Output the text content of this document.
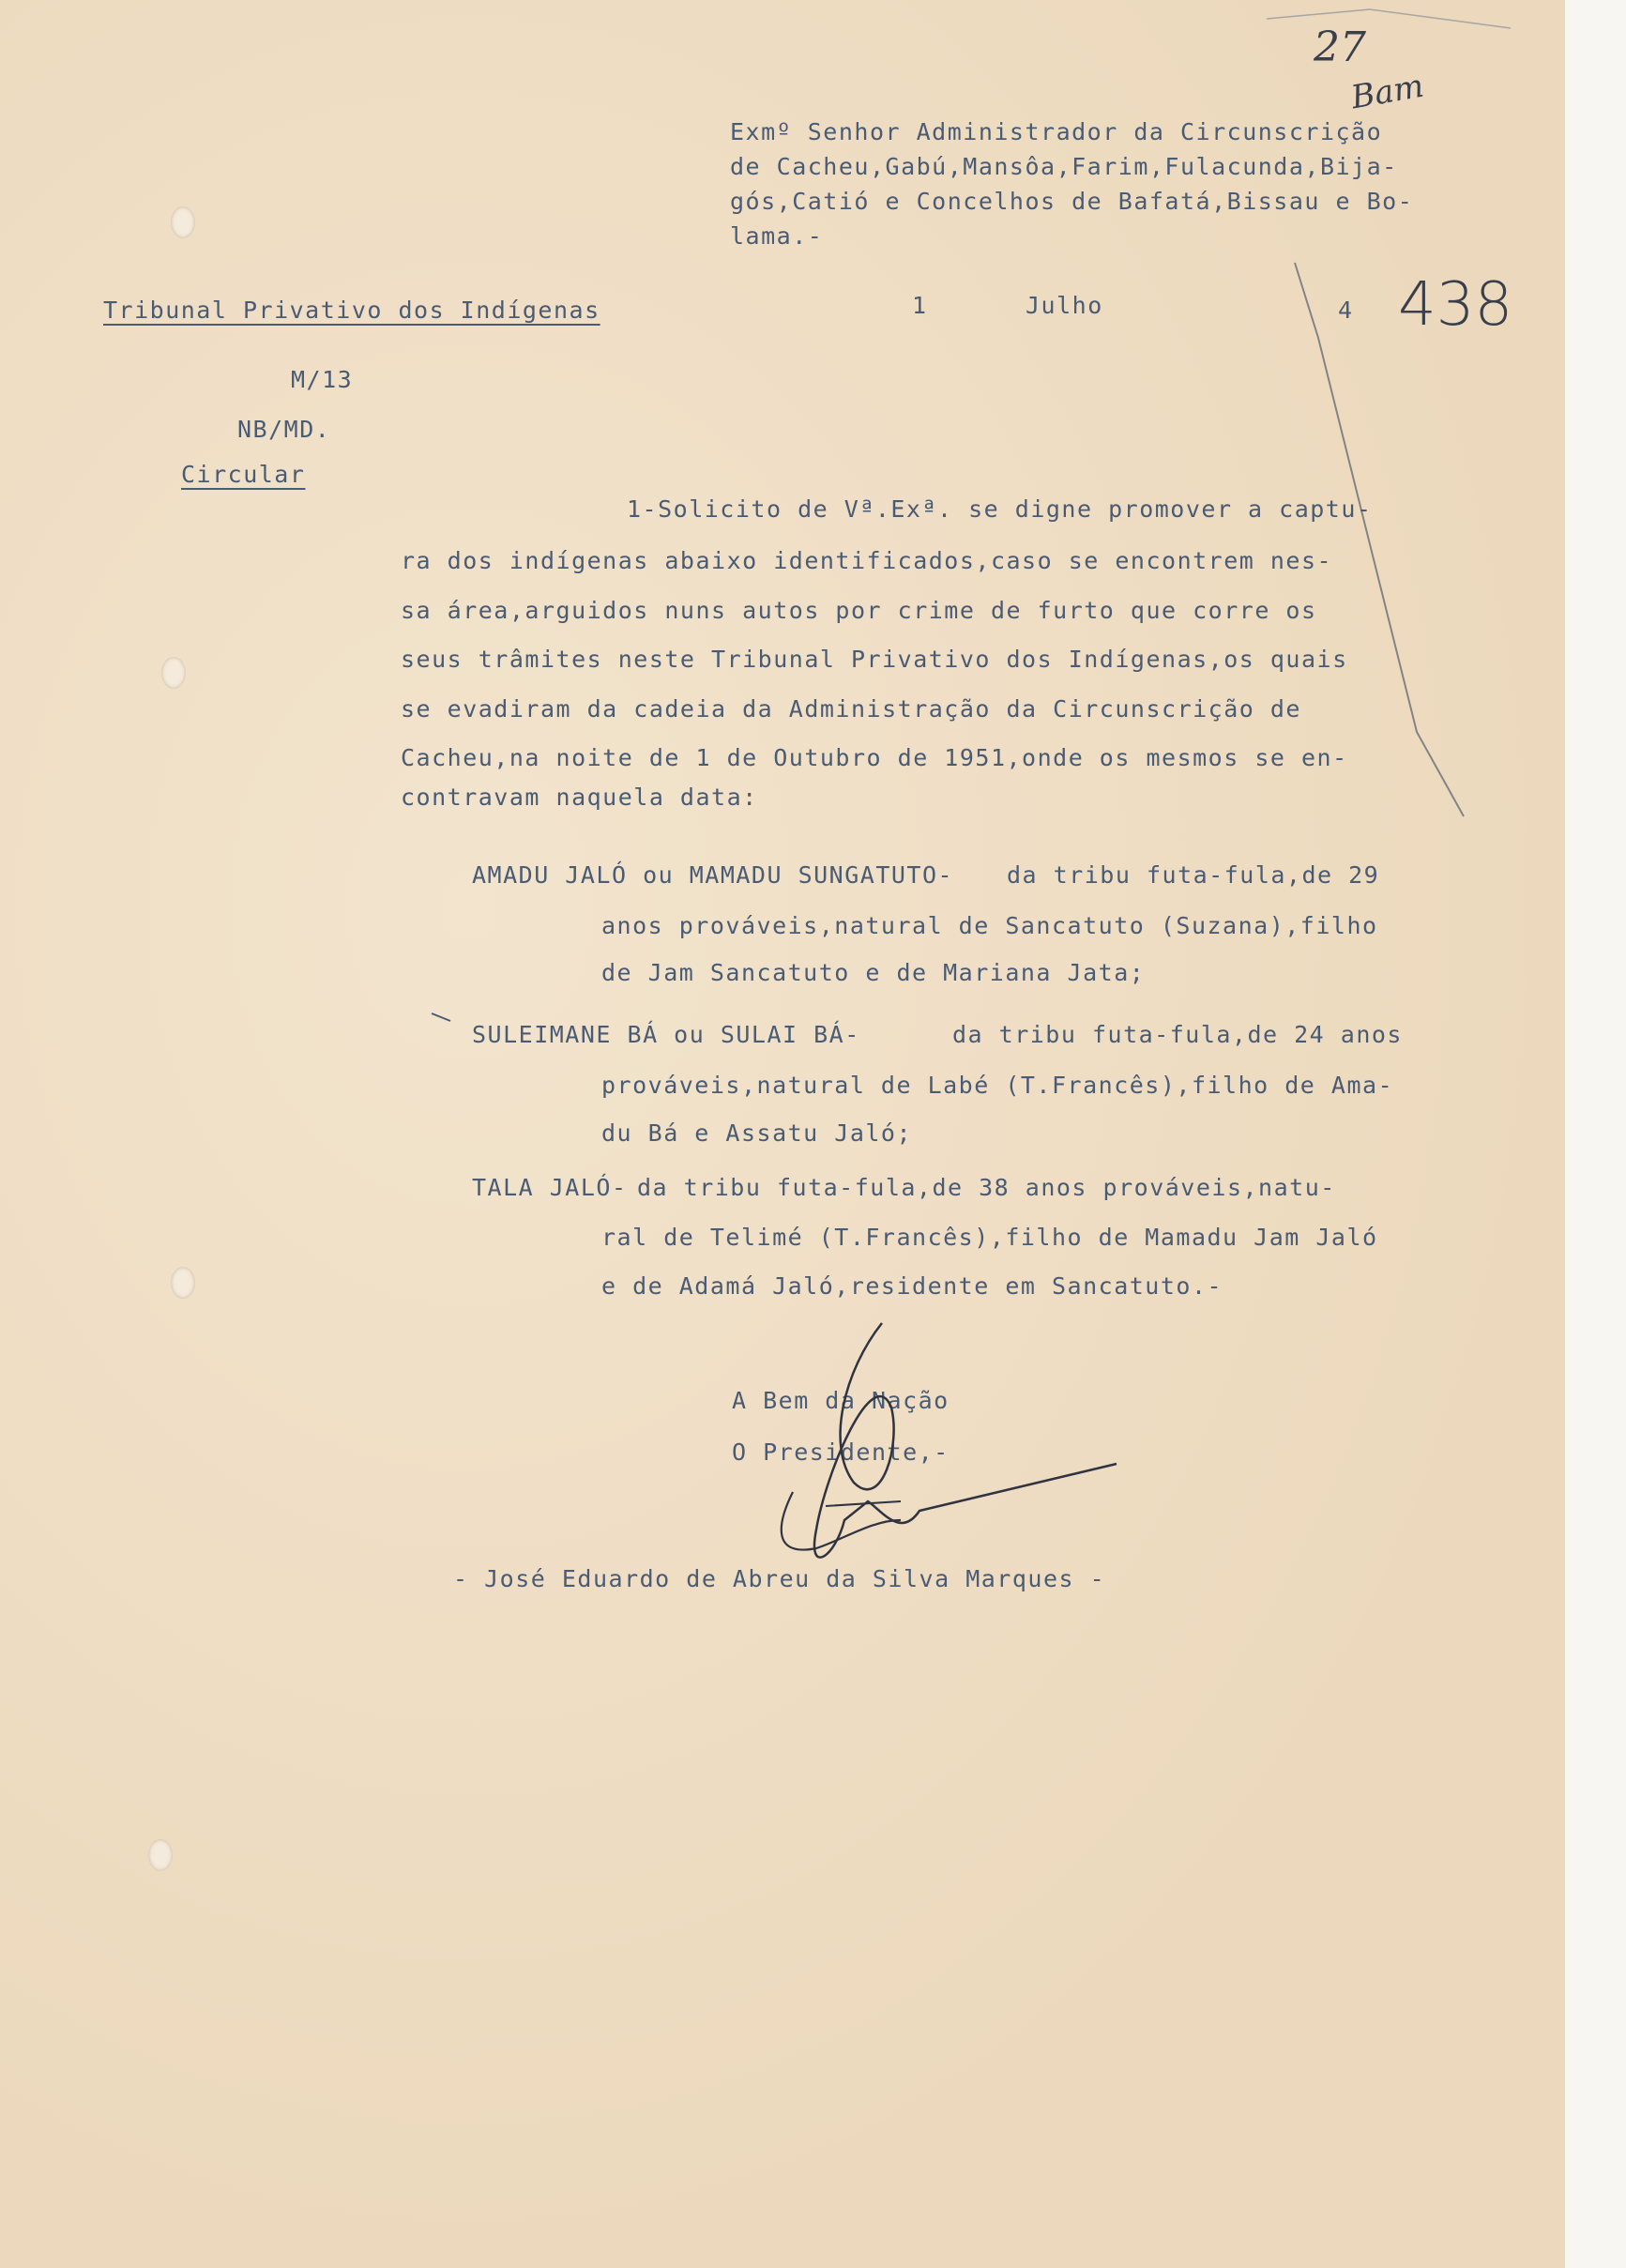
Exmº Senhor Administrador da Circunscrição
de Cacheu,Gabú,Mansôa,Farim,Fulacunda,Bija-
gós,Catió e Concelhos de Bafatá,Bissau e Bo-
lama.-
Tribunal Privativo dos Indígenas
M/13
NB/MD.
Circular
1	Julho	4
27
Bam
438
1-Solicito de Vª.Exª. se digne promover a captu-
ra dos indígenas abaixo identificados,caso se encontrem nes-
sa área,arguidos nuns autos por crime de furto que corre os
seus trâmites neste Tribunal Privativo dos Indígenas,os quais
se evadiram da cadeia da Administração da Circunscrição de
Cacheu,na noite de 1 de Outubro de 1951,onde os mesmos se en-
contravam naquela data:
AMADU JALÓ ou MAMADU SUNGATUTO- da tribu futa-fula,de 29
anos prováveis,natural de Sancatuto (Suzana),filho
de Jam Sancatuto e de Mariana Jata;
SULEIMANE BÁ ou SULAI BÁ-	da tribu futa-fula,de 24 anos
prováveis,natural de Labé (T.Francês),filho de Ama-
du Bá e Assatu Jaló;
TALA JALÓ- da tribu futa-fula,de 38 anos prováveis,natu-
ral de Telimé (T.Francês),filho de Mamadu Jam Jaló
e de Adamá Jaló,residente em Sancatuto.-
A Bem da Nação
O Presidente,-
- José Eduardo de Abreu da Silva Marques -
